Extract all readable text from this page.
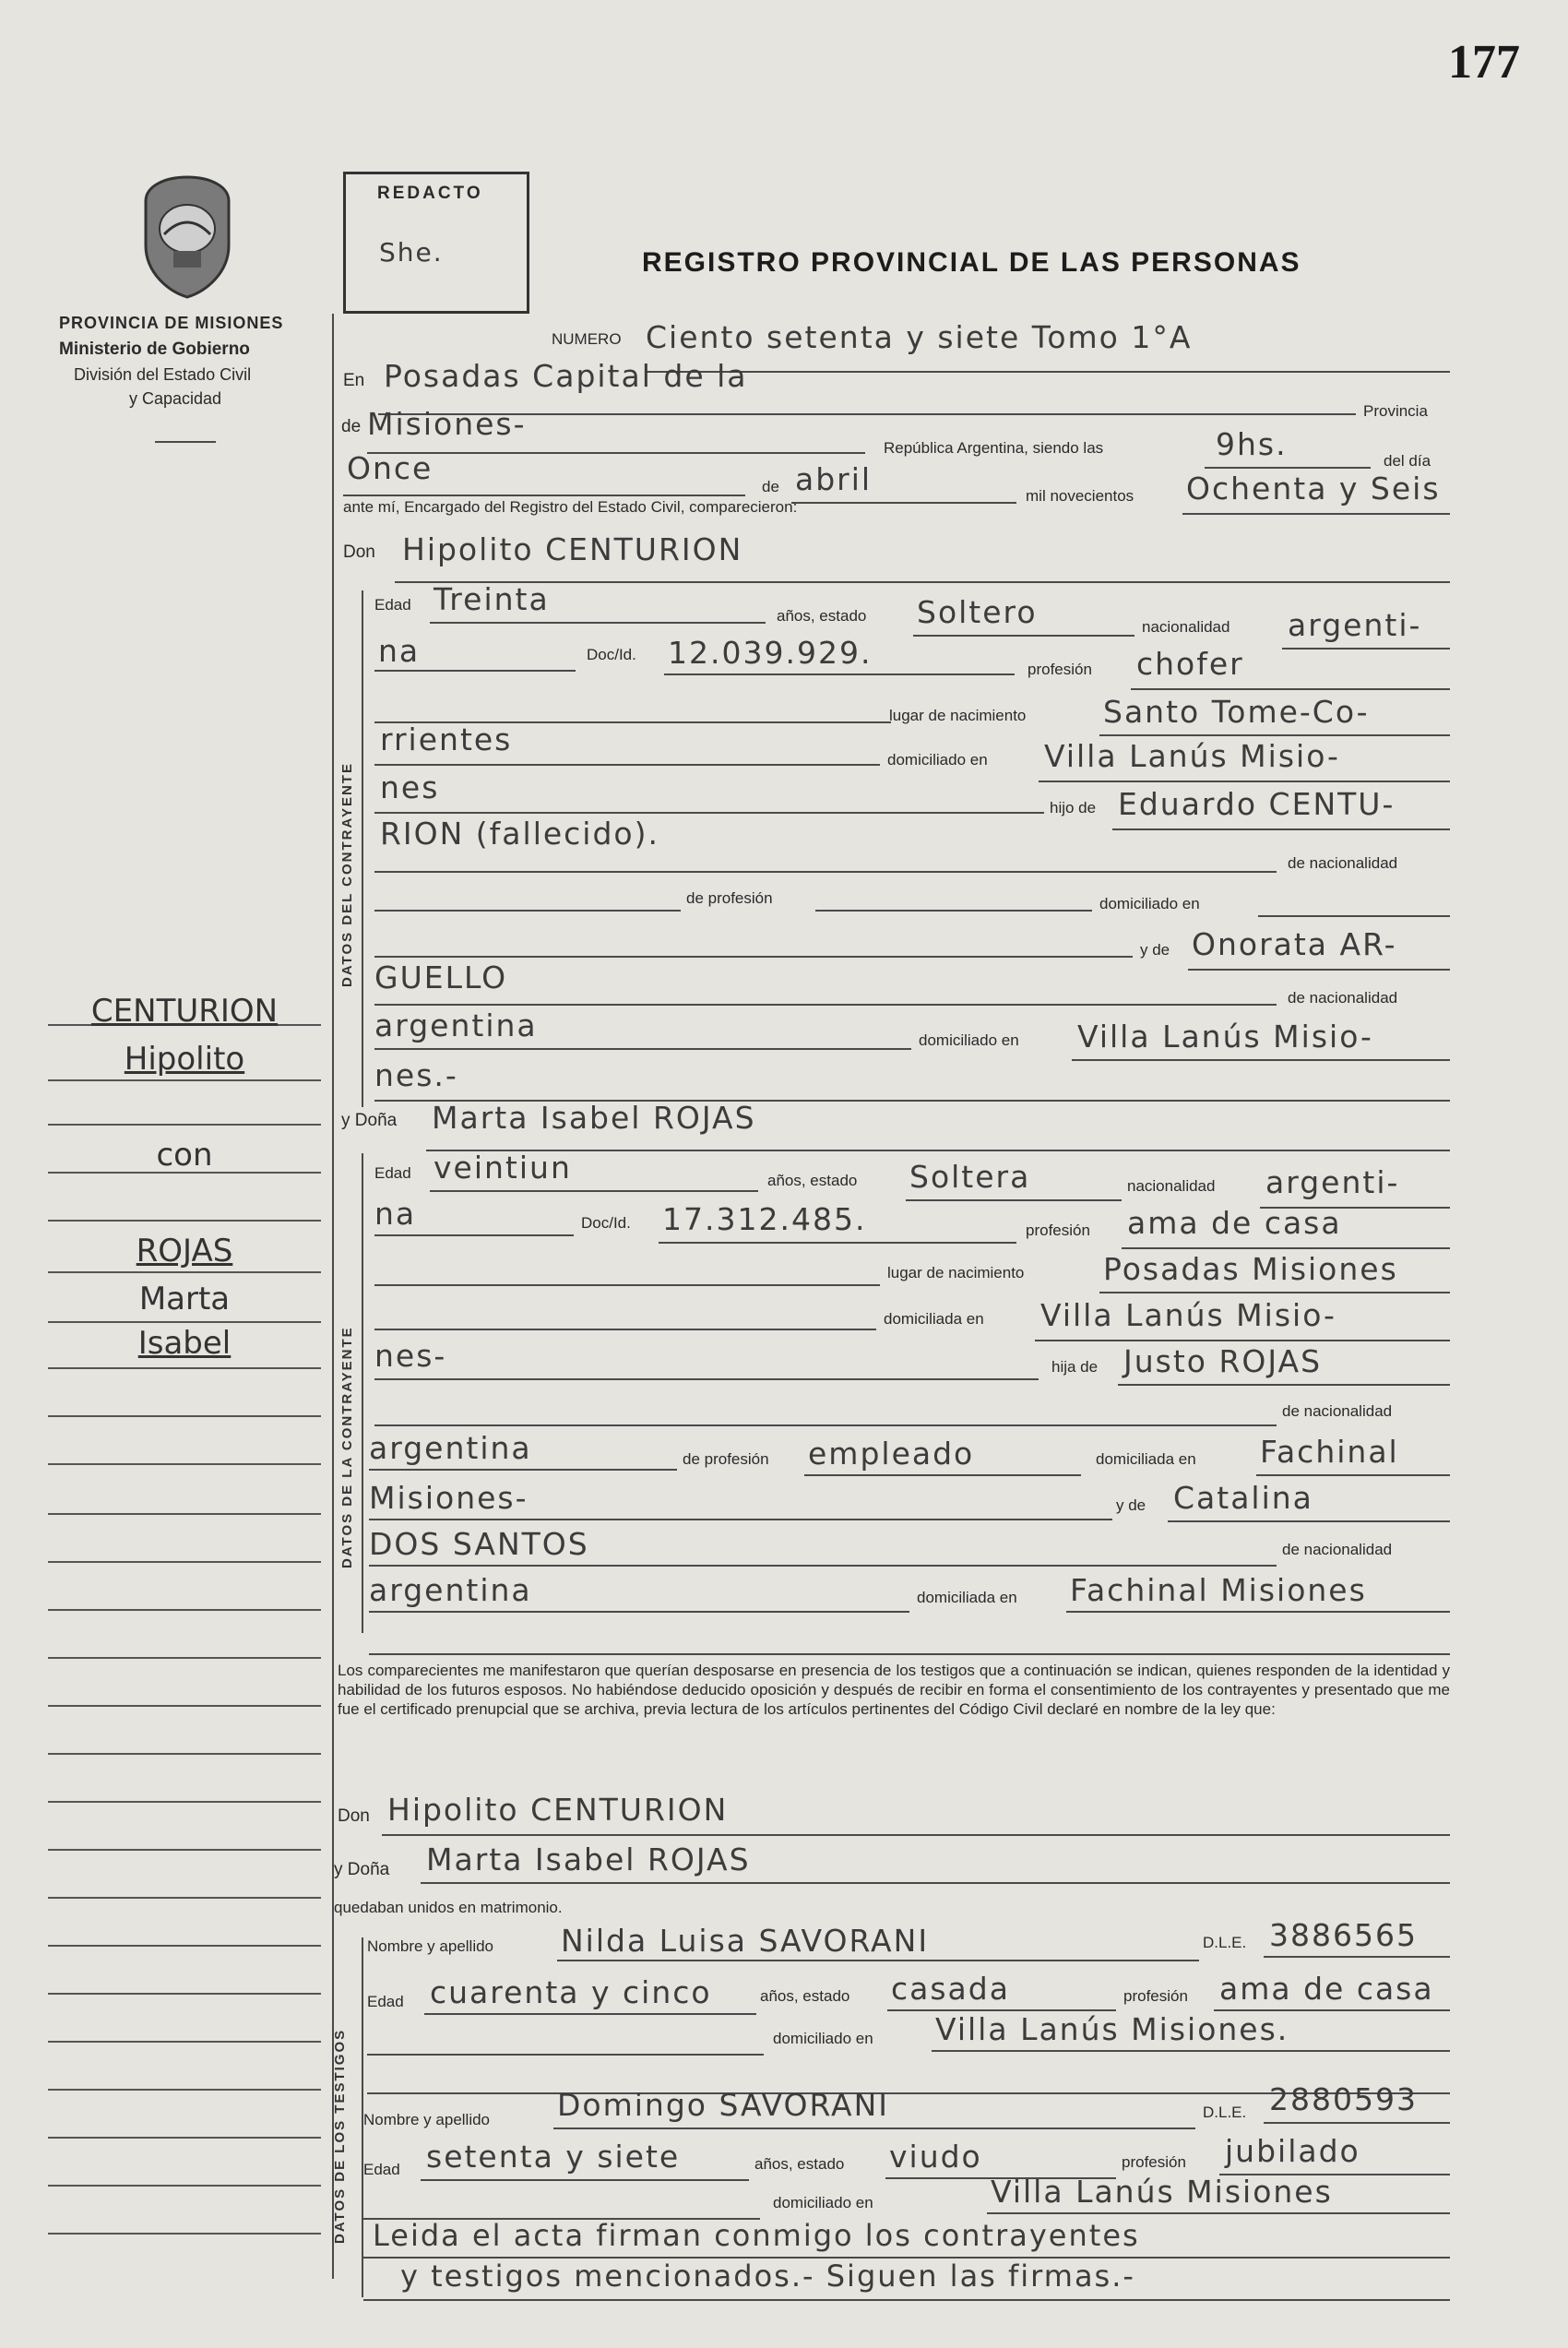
177
PROVINCIA DE MISIONES
Ministerio de Gobierno
División del Estado Civil
y Capacidad
REDACTO
She.	REGISTRO PROVINCIAL DE LAS PERSONAS
CENTURION
Hipolito
con
ROJAS
Marta
Isabel
DATOS DEL CONTRAYENTE
DATOS DE LA CONTRAYENTE
DATOS DE LOS TESTIGOS
NUMERO Ciento setenta y siete Tomo 1°A
En Posadas Capital de la
Provincia
de Misiones-
República Argentina, siendo las	9hs.	del día
Once
de abril	mil novecientos Ochenta y Seis
ante mí, Encargado del Registro del Estado Civil, comparecieron:
Don Hipolito CENTURION
Edad Treinta	años, estado Soltero	nacionalidad argenti-
na	Doc/Id. 12.039.929.	profesión chofer
lugar de nacimiento	Santo Tome-Co-
rrientes
domiciliado en Villa Lanús Misio-
nes
hijo de Eduardo CENTU-
RION (fallecido).
de nacionalidad
de profesión	domiciliado en
y de Onorata AR-
GUELLO
de nacionalidad
argentina	domiciliado en Villa Lanús Misio-
nes.-
y Doña Marta Isabel ROJAS
Edad veintiun	años, estado Soltera	nacionalidad argenti-
na	Doc/Id. 17.312.485.	profesión ama de casa
lugar de nacimiento	Posadas Misiones
domiciliada en Villa Lanús Misio-
nes-	hija de Justo ROJAS
de nacionalidad
argentina	de profesión empleado	domiciliada en Fachinal
Misiones-	y de Catalina
DOS SANTOS	de nacionalidad
argentina	domiciliada en Fachinal Misiones
Los comparecientes me manifestaron que querían desposarse en presencia de los testigos que a continuación se indican, quienes responden de la identidad y habilidad de los futuros esposos. No habiéndose deducido oposición y después de recibir en forma el consentimiento de los contrayentes y presentado que me fue el certificado prenupcial que se archiva, previa lectura de los artículos pertinentes del Código Civil declaré en nombre de la ley que:
Don Hipolito CENTURION
y Doña Marta Isabel ROJAS
quedaban unidos en matrimonio.
Nombre y apellido Nilda Luisa SAVORANI	D.L.E. 3886565
Edad cuarenta y cinco	años, estado casada	profesión ama de casa
domiciliado en Villa Lanús Misiones.
Nombre y apellido Domingo SAVORANI	D.L.E. 2880593
Edad setenta y siete	años, estado viudo	profesión jubilado
domiciliado en	Villa Lanús Misiones
Leida el acta firman conmigo los contrayentes
y testigos mencionados.- Siguen las firmas.-
